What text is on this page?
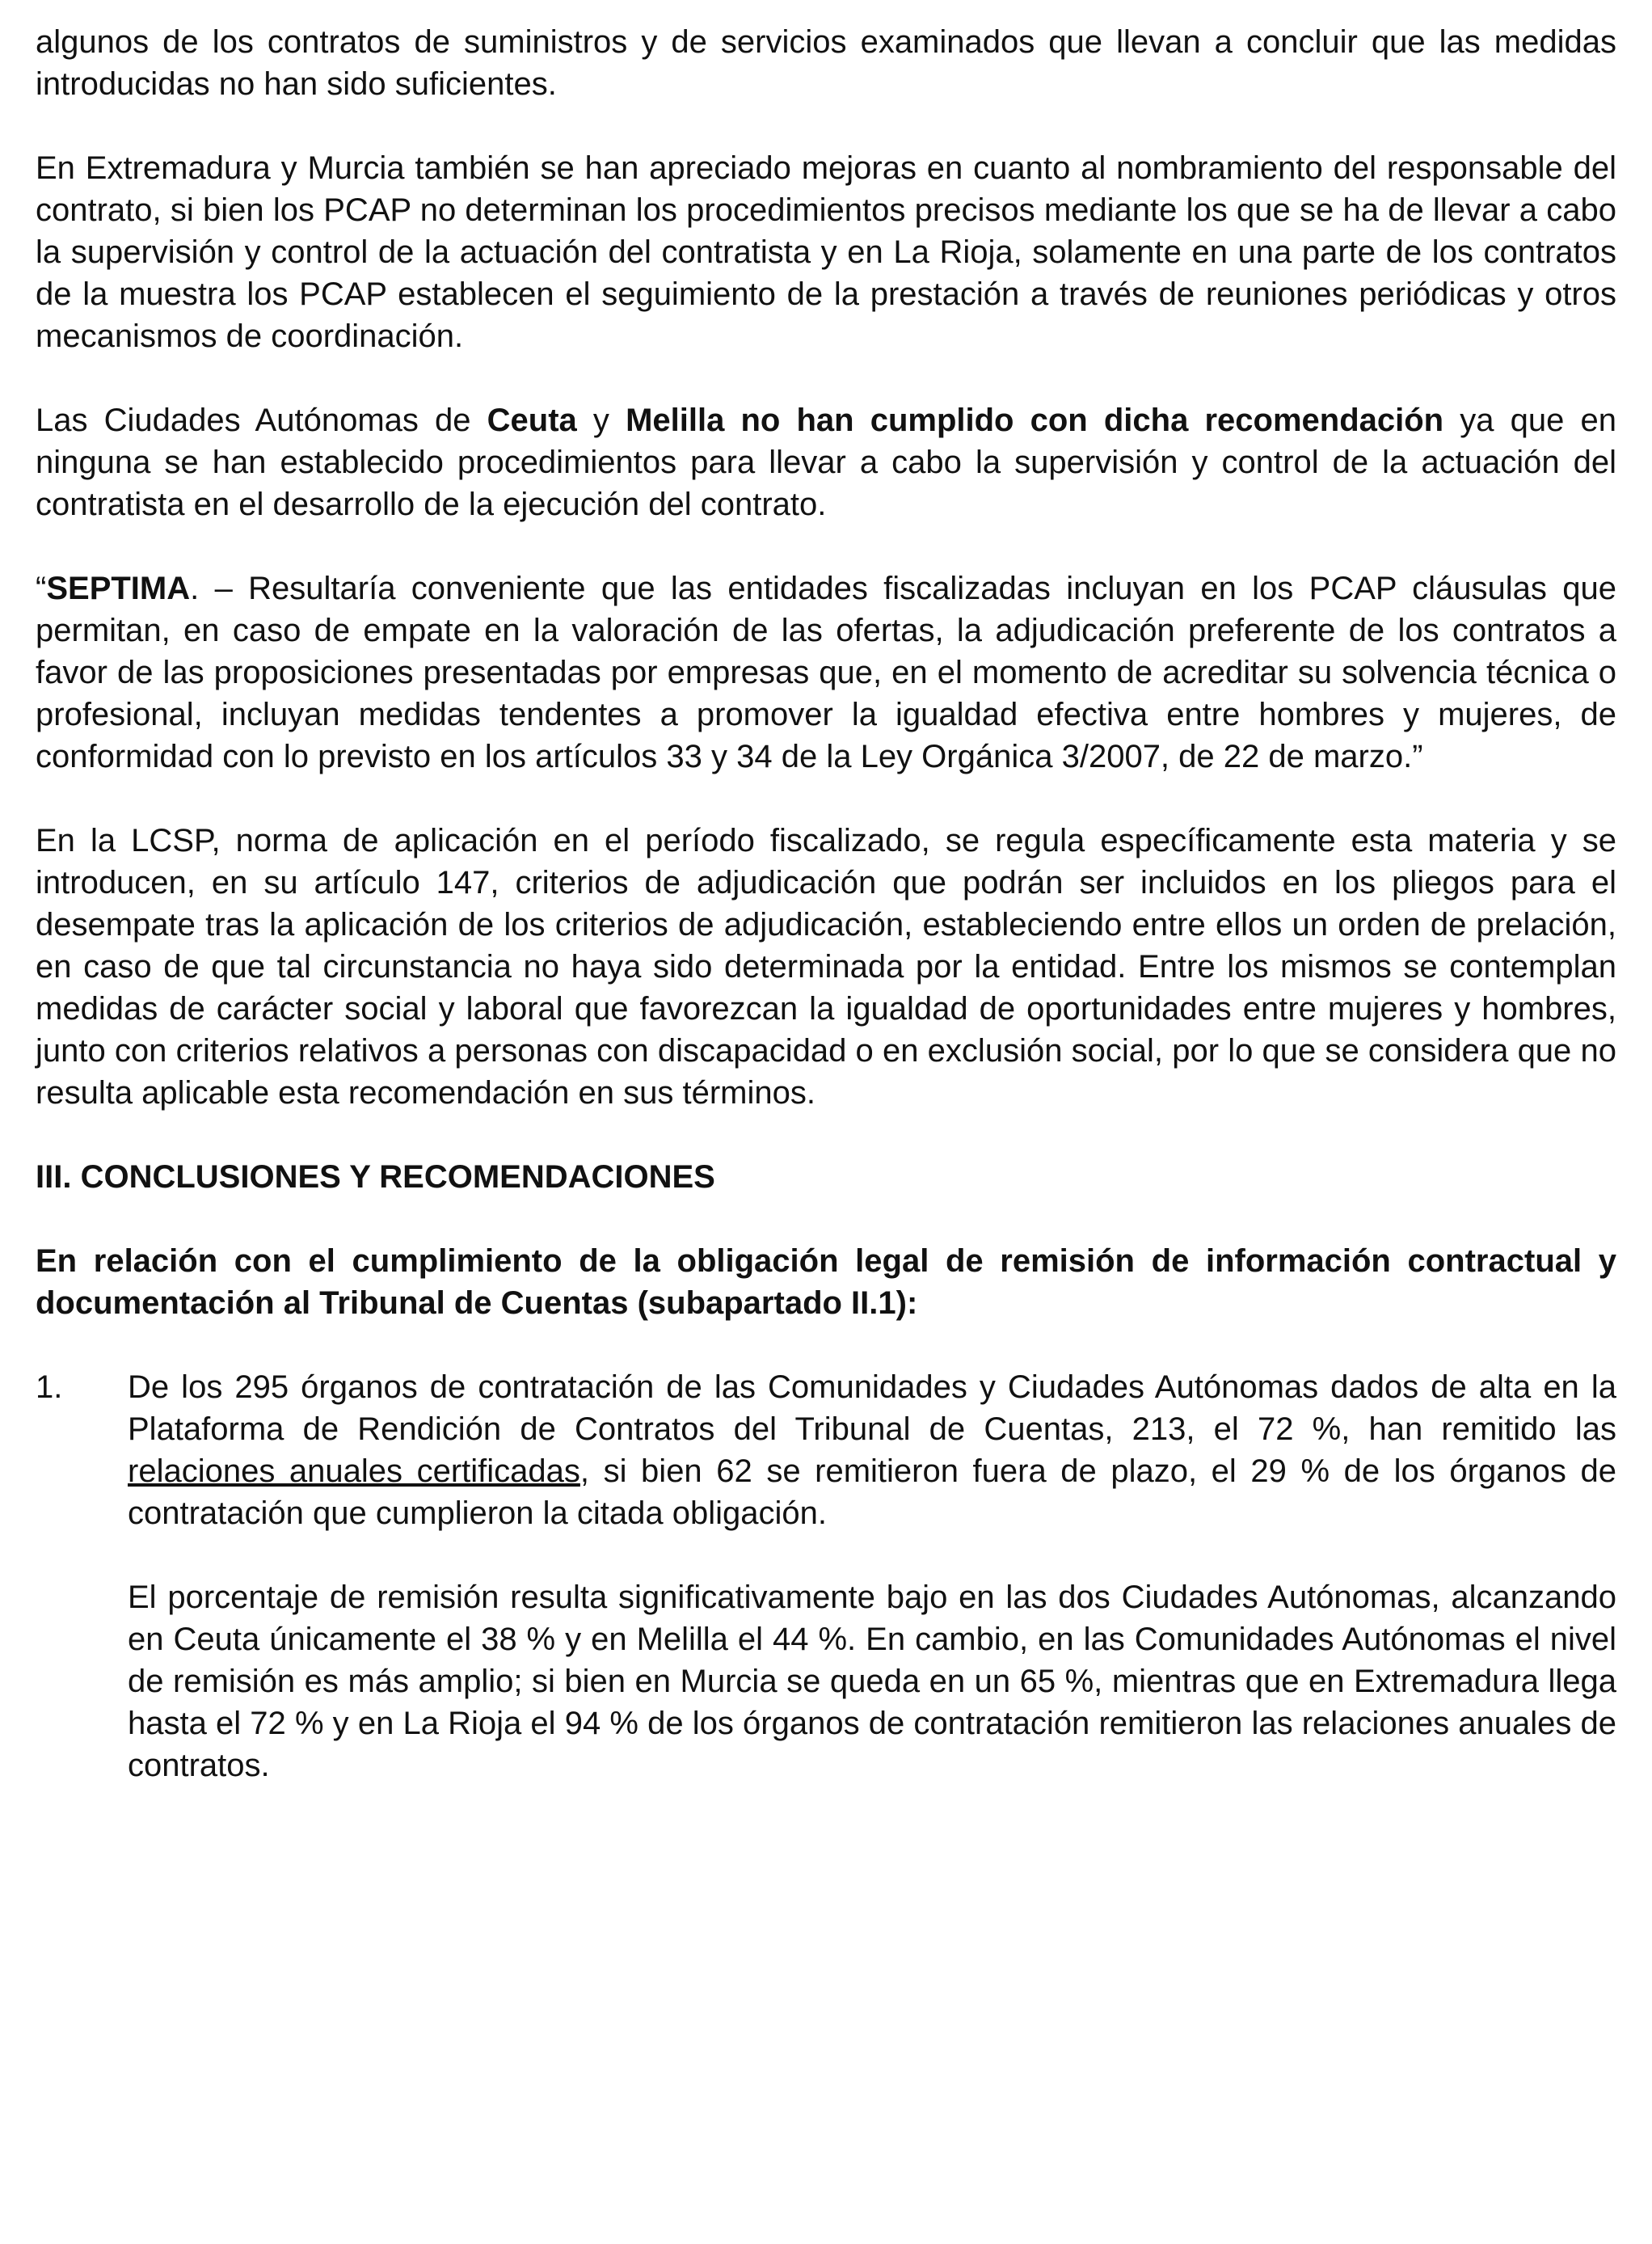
algunos de los contratos de suministros y de servicios examinados que llevan a concluir que las medidas introducidas no han sido suficientes.

En Extremadura y Murcia también se han apreciado mejoras en cuanto al nombramiento del responsable del contrato, si bien los PCAP no determinan los procedimientos precisos mediante los que se ha de llevar a cabo la supervisión y control de la actuación del contratista y en La Rioja, solamente en una parte de los contratos de la muestra los PCAP establecen el seguimiento de la prestación a través de reuniones periódicas y otros mecanismos de coordinación.

Las Ciudades Autónomas de Ceuta y Melilla no han cumplido con dicha recomendación ya que en ninguna se han establecido procedimientos para llevar a cabo la supervisión y control de la actuación del contratista en el desarrollo de la ejecución del contrato.

“SEPTIMA. – Resultaría conveniente que las entidades fiscalizadas incluyan en los PCAP cláusulas que permitan, en caso de empate en la valoración de las ofertas, la adjudicación preferente de los contratos a favor de las proposiciones presentadas por empresas que, en el momento de acreditar su solvencia técnica o profesional, incluyan medidas tendentes a promover la igualdad efectiva entre hombres y mujeres, de conformidad con lo previsto en los artículos 33 y 34 de la Ley Orgánica 3/2007, de 22 de marzo.”

En la LCSP, norma de aplicación en el período fiscalizado, se regula específicamente esta materia y se introducen, en su artículo 147, criterios de adjudicación que podrán ser incluidos en los pliegos para el desempate tras la aplicación de los criterios de adjudicación, estableciendo entre ellos un orden de prelación, en caso de que tal circunstancia no haya sido determinada por la entidad. Entre los mismos se contemplan medidas de carácter social y laboral que favorezcan la igualdad de oportunidades entre mujeres y hombres, junto con criterios relativos a personas con discapacidad o en exclusión social, por lo que se considera que no resulta aplicable esta recomendación en sus términos.

III. CONCLUSIONES Y RECOMENDACIONES
En relación con el cumplimiento de la obligación legal de remisión de información contractual y documentación al Tribunal de Cuentas (subapartado II.1):
1. De los 295 órganos de contratación de las Comunidades y Ciudades Autónomas dados de alta en la Plataforma de Rendición de Contratos del Tribunal de Cuentas, 213, el 72 %, han remitido las relaciones anuales certificadas, si bien 62 se remitieron fuera de plazo, el 29 % de los órganos de contratación que cumplieron la citada obligación.

El porcentaje de remisión resulta significativamente bajo en las dos Ciudades Autónomas, alcanzando en Ceuta únicamente el 38 % y en Melilla el 44 %. En cambio, en las Comunidades Autónomas el nivel de remisión es más amplio; si bien en Murcia se queda en un 65 %, mientras que en Extremadura llega hasta el 72 % y en La Rioja el 94 % de los órganos de contratación remitieron las relaciones anuales de contratos.
